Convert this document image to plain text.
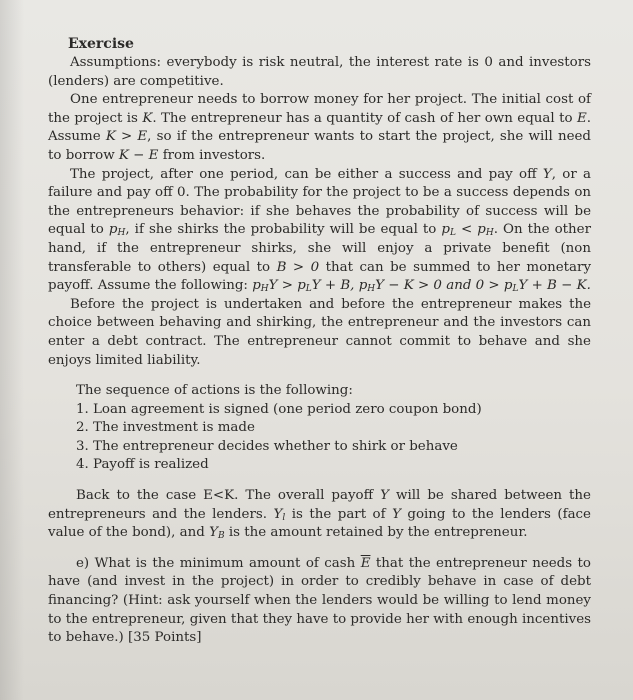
Exercise

Assumptions: everybody is risk neutral, the interest rate is 0 and investors (lenders) are competitive.

One entrepreneur needs to borrow money for her project. The initial cost of the project is K. The entrepreneur has a quantity of cash of her own equal to E. Assume K > E, so if the entrepreneur wants to start the project, she will need to borrow K − E from investors.

The project, after one period, can be either a success and pay off Y, or a failure and pay off 0. The probability for the project to be a success depends on the entrepreneurs behavior: if she behaves the probability of success will be equal to $p_H$, if she shirks the probability will be equal to $p_L < p_H$. On the other hand, if the entrepreneur shirks, she will enjoy a private benefit (non transferable to others) equal to B > 0 that can be summed to her monetary payoff. Assume the following: $p_HY > p_LY + B$, $p_HY - K > 0$ and $0 > p_LY + B - K$.

Before the project is undertaken and before the entrepreneur makes the choice between behaving and shirking, the entrepreneur and the investors can enter a debt contract. The entrepreneur cannot commit to behave and she enjoys limited liability.

The sequence of actions is the following:
1. Loan agreement is signed (one period zero coupon bond)
2. The investment is made
3. The entrepreneur decides whether to shirk or behave
4. Payoff is realized

Back to the case E<K. The overall payoff Y will be shared between the entrepreneurs and the lenders. $Y_l$ is the part of Y going to the lenders (face value of the bond), and $Y_B$ is the amount retained by the entrepreneur.

e) What is the minimum amount of cash $\overline{E}$ that the entrepreneur needs to have (and invest in the project) in order to credibly behave in case of debt financing? (Hint: ask yourself when the lenders would be willing to lend money to the entrepreneur, given that they have to provide her with enough incentives to behave.) [35 Points]
